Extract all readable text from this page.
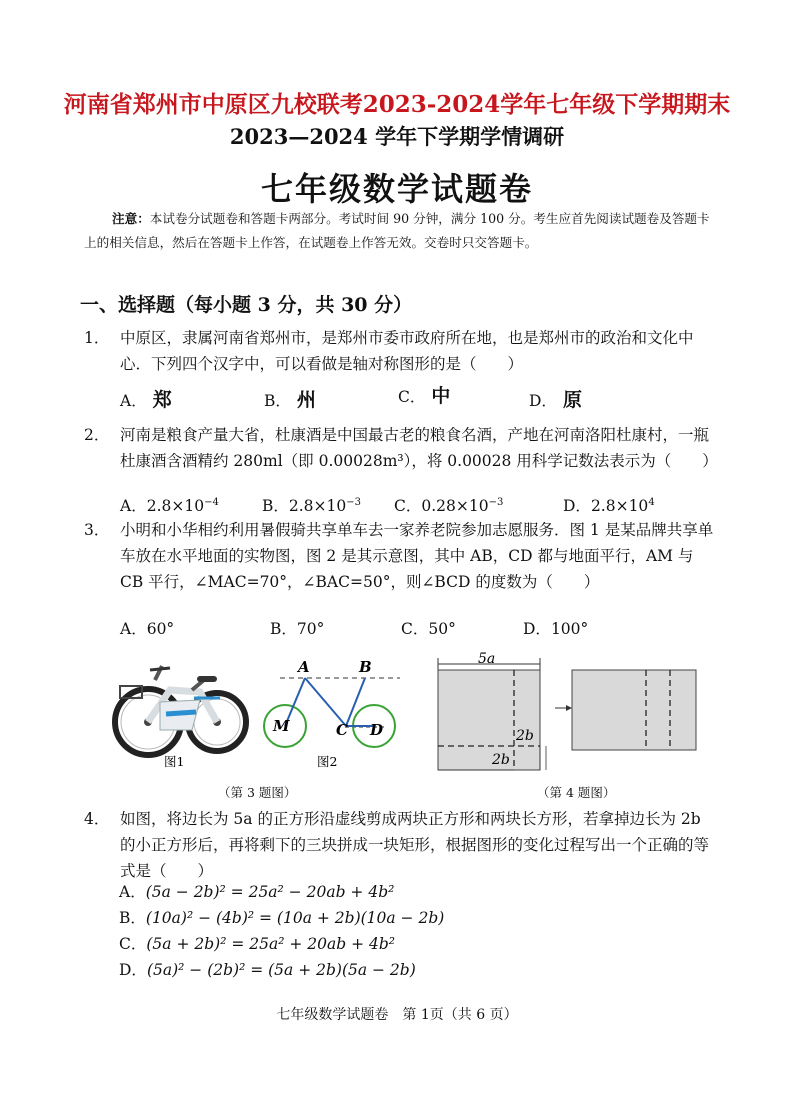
河南省郑州市中原区九校联考2023-2024学年七年级下学期期末
2023—2024 学年下学期学情调研
七年级数学试题卷
注意：本试卷分试题卷和答题卡两部分。考试时间 90 分钟，满分 100 分。考生应首先阅读试题卷及答题卡上的相关信息，然后在答题卡上作答，在试题卷上作答无效。交卷时只交答题卡。
一、选择题（每小题 3 分，共 30 分）
1． 中原区，隶属河南省郑州市，是郑州市委市政府所在地，也是郑州市的政治和文化中心．下列四个汉字中，可以看做是轴对称图形的是（　　）
A． 郑	B． 州	C． 中	D． 原
2． 河南是粮食产量大省，杜康酒是中国最古老的粮食名酒，产地在河南洛阳杜康村，一瓶杜康酒含酒精约 280ml（即 0.00028m³），将 0.00028 用科学记数法表示为（　　）
A．$2.8\times 10^{-4}$	B．$2.8\times 10^{-3}$ C．$0.28\times 10^{-3}$	D．$2.8\times 10^4$
3． 小明和小华相约利用暑假骑共享单车去一家养老院参加志愿服务．图 1 是某品牌共享单车放在水平地面的实物图，图 2 是其示意图，其中 AB，CD 都与地面平行，AM 与 CB 平行，∠MAC=70°，∠BAC=50°，则∠BCD 的度数为（　　）
A．60°	B．70°	C．50°	D．100°
图1
A	B
M	C D
图2
5a
2b
2b
（第 3 题图）	（第 4 题图）
4． 如图，将边长为 5a 的正方形沿虚线剪成两块正方形和两块长方形，若拿掉边长为 2b 的小正方形后，再将剩下的三块拼成一块矩形，根据图形的变化过程写出一个正确的等式是（　　）
A．(5a − 2b)² = 25a² − 20ab + 4b²
B．(10a)² − (4b)² = (10a + 2b)(10a − 2b)
C．(5a + 2b)² = 25a² + 20ab + 4b²
D．(5a)² − (2b)² = (5a + 2b)(5a − 2b)
七年级数学试题卷　第 1页（共 6 页）
